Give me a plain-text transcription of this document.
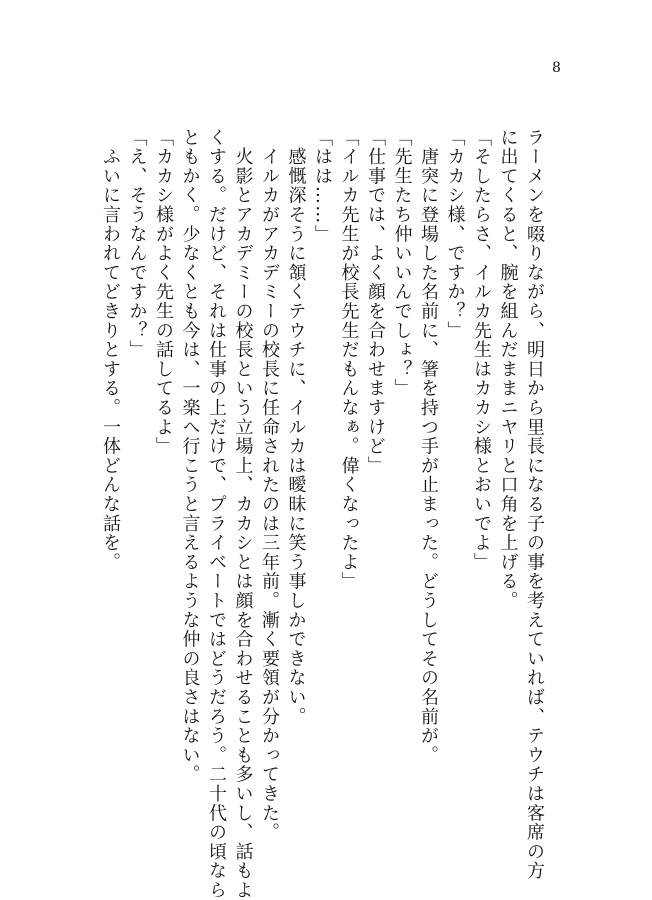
8

ラーメンを啜りながら、明日から里長になる子の事を考えていれば、テウチは客席の方

に出てくると、腕を組んだままニヤリと口角を上げる。

「そしたらさ、イルカ先生はカカシ様とおいでよ」

「カカシ様、ですか？」

　唐突に登場した名前に、箸を持つ手が止まった。どうしてその名前が。

「先生たち仲いいんでしょ？」

「仕事では、よく顔を合わせますけど」

「イルカ先生が校長先生だもんなぁ。偉くなったよ」

「はは……」

　感慨深そうに頷くテウチに、イルカは曖昧に笑う事しかできない。

　イルカがアカデミーの校長に任命されたのは三年前。漸く要領が分かってきた。

　火影とアカデミーの校長という立場上、カカシとは顔を合わせることも多いし、話もよ

くする。だけど、それは仕事の上だけで、プライベートではどうだろう。二十代の頃なら

ともかく。少なくとも今は、一楽へ行こうと言えるような仲の良さはない。

「カカシ様がよく先生の話してるよ」

「え、そうなんですか？」

　ふいに言われてどきりとする。一体どんな話を。
